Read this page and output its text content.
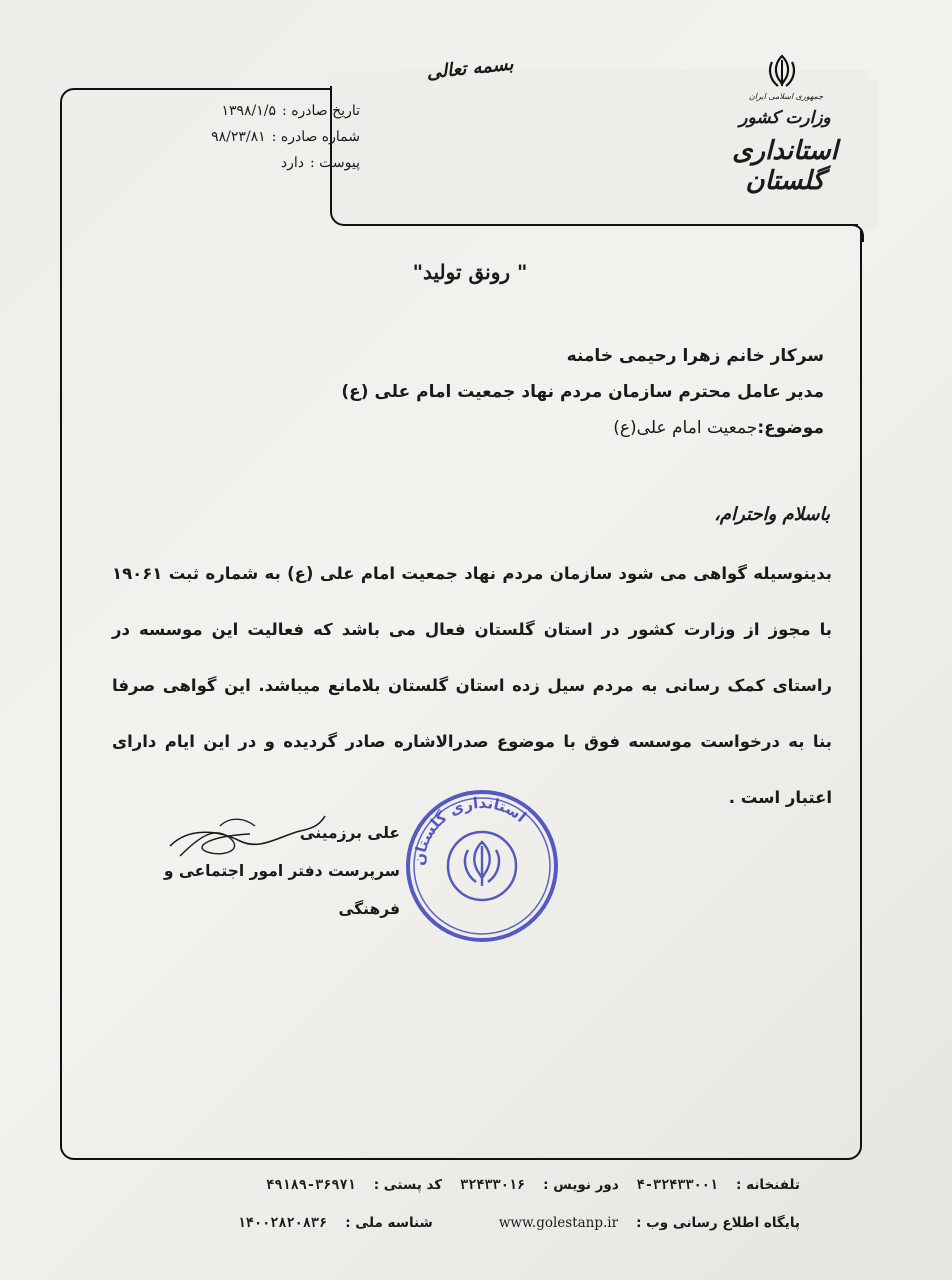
جمهوری اسلامی ایران
وزارت کشور
استانداری گلستان
بسمه تعالی
تاریخ صادره :
۱۳۹۸/۱/۵
شماره صادره :
۹۸/۲۳/۸۱
پیوست :
دارد
" رونق تولید"
سرکار خانم زهرا رحیمی خامنه
مدیر عامل محترم سازمان مردم نهاد جمعیت امام علی (ع)
موضوع:جمعیت امام علی(ع)
باسلام واحترام،
بدینوسیله گواهی می شود سازمان مردم نهاد جمعیت امام علی (ع) به شماره ثبت ۱۹۰۶۱ با مجوز از وزارت کشور در استان گلستان فعال می باشد که فعالیت این موسسه در راستای کمک رسانی به مردم سیل زده استان گلستان بلامانع میباشد. این گواهی صرفا بنا به درخواست موسسه فوق با موضوع صدرالاشاره صادر گردیده و در این ایام دارای اعتبار است .
علی برزمینی
سرپرست دفتر امور اجتماعی و فرهنگی
استانداری گلستان
تلفنخانه :
۴-۳۲۴۳۳۰۰۱
دور نویس :
۳۲۴۳۳۰۱۶
کد پستی :
۴۹۱۸۹-۳۶۹۷۱
پایگاه اطلاع رسانی وب :
www.golestanp.ir
شناسه ملی :
۱۴۰۰۲۸۲۰۸۳۶
